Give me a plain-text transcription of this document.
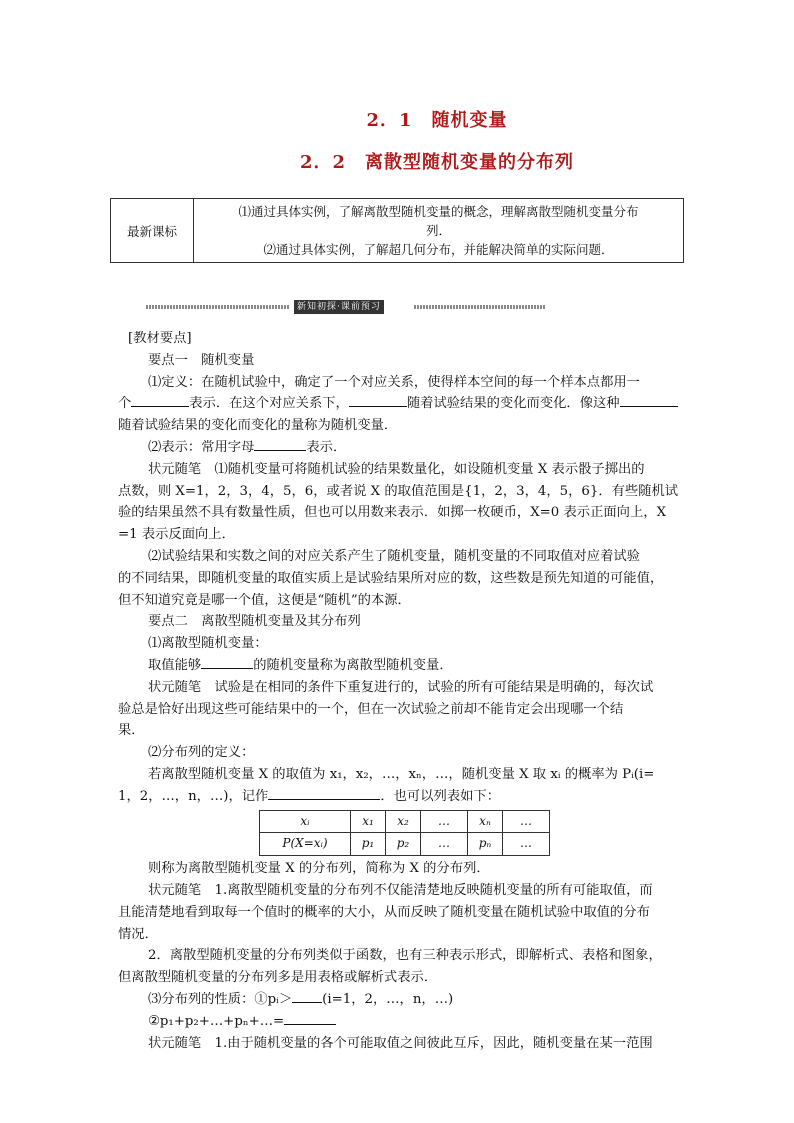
2．1　随机变量
2．2　离散型随机变量的分布列
最新课标	
⑴通过具体实例，了解离散型随机变量的概念，理解离散型随机变量分布
列．
⑵通过具体实例，了解超几何分布，并能解决简单的实际问题．
新知初探·课前预习

[教材要点]

要点一　随机变量

⑴定义：在随机试验中，确定了一个对应关系，使得样本空间的每一个样本点都用一

个	表示．在这个对应关系下，	随着试验结果的变化而变化．像这种

随着试验结果的变化而变化的量称为随机变量．

⑵表示：常用字母	表示．

状元随笔　⑴随机变量可将随机试验的结果数量化，如设随机变量 X 表示骰子掷出的

点数，则 X=1，2，3，4，5，6，或者说 X 的取值范围是{1，2，3，4，5，6}．有些随机试

验的结果虽然不具有数量性质，但也可以用数来表示．如掷一枚硬币，X=0 表示正面向上，X

=1 表示反面向上．

⑵试验结果和实数之间的对应关系产生了随机变量，随机变量的不同取值对应着试验

的不同结果，即随机变量的取值实质上是试验结果所对应的数，这些数是预先知道的可能值，

但不知道究竟是哪一个值，这便是“随机”的本源．

要点二　离散型随机变量及其分布列

⑴离散型随机变量：

取值能够	的随机变量称为离散型随机变量．

状元随笔　试验是在相同的条件下重复进行的，试验的所有可能结果是明确的，每次试

验总是恰好出现这些可能结果中的一个，但在一次试验之前却不能肯定会出现哪一个结

果．

⑵分布列的定义：

若离散型随机变量 X 的取值为 x₁，x₂，…，xₙ，…，随机变量 X 取 xᵢ 的概率为 Pᵢ(i=

1，2，…，n，…)，记作	．也可以列表如下：

xᵢ	x₁	x₂	…	xₙ	…
P(X=xᵢ)	p₁	p₂	…	pₙ	…

则称为离散型随机变量 X 的分布列，简称为 X 的分布列．

状元随笔　1.离散型随机变量的分布列不仅能清楚地反映随机变量的所有可能取值，而

且能清楚地看到取每一个值时的概率的大小，从而反映了随机变量在随机试验中取值的分布

情况．

2．离散型随机变量的分布列类似于函数，也有三种表示形式，即解析式、表格和图象，

但离散型随机变量的分布列多是用表格或解析式表示．

⑶分布列的性质：①pᵢ＞ (i=1，2，…，n，…)

②p₁+p₂+…+pₙ+…=

状元随笔　1.由于随机变量的各个可能取值之间彼此互斥，因此，随机变量在某一范围
